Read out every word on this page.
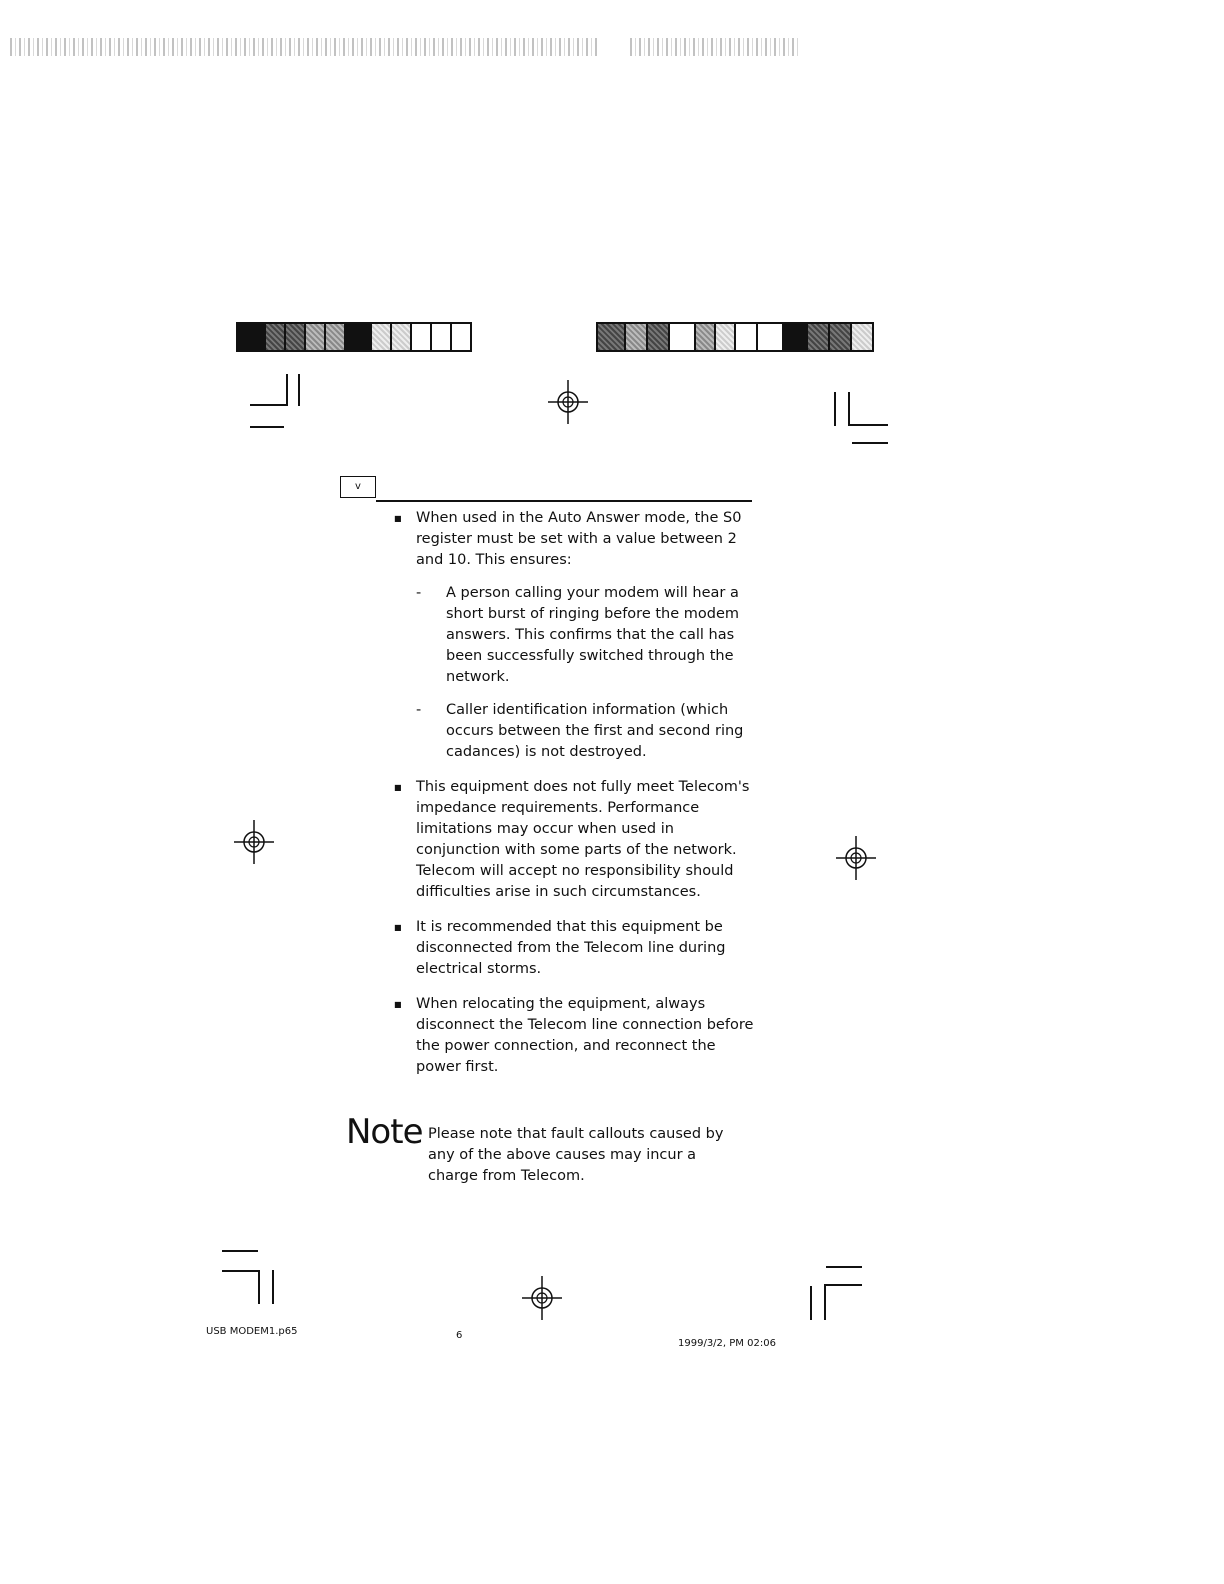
v
■ When used in the Auto Answer mode, the S0 register must be set with a value between 2 and 10. This ensures:
- A person calling your modem will hear a short burst of ringing before the modem answers. This confirms that the call has been successfully switched through the network.
- Caller identification information (which occurs between the first and second ring cadances) is not destroyed.
■ This equipment does not fully meet Telecom's impedance requirements. Performance limitations may occur when used in conjunction with some parts of the network. Telecom will accept no responsibility should difficulties arise in such circumstances.
■ It is recommended that this equipment be disconnected from the Telecom line during electrical storms.
■ When relocating the equipment, always disconnect the Telecom line connection before the power connection, and reconnect the power first.
Note Please note that fault callouts caused by any of the above causes may incur a charge from Telecom.
USB MODEM1.p65	6
1999/3/2, PM 02:06
